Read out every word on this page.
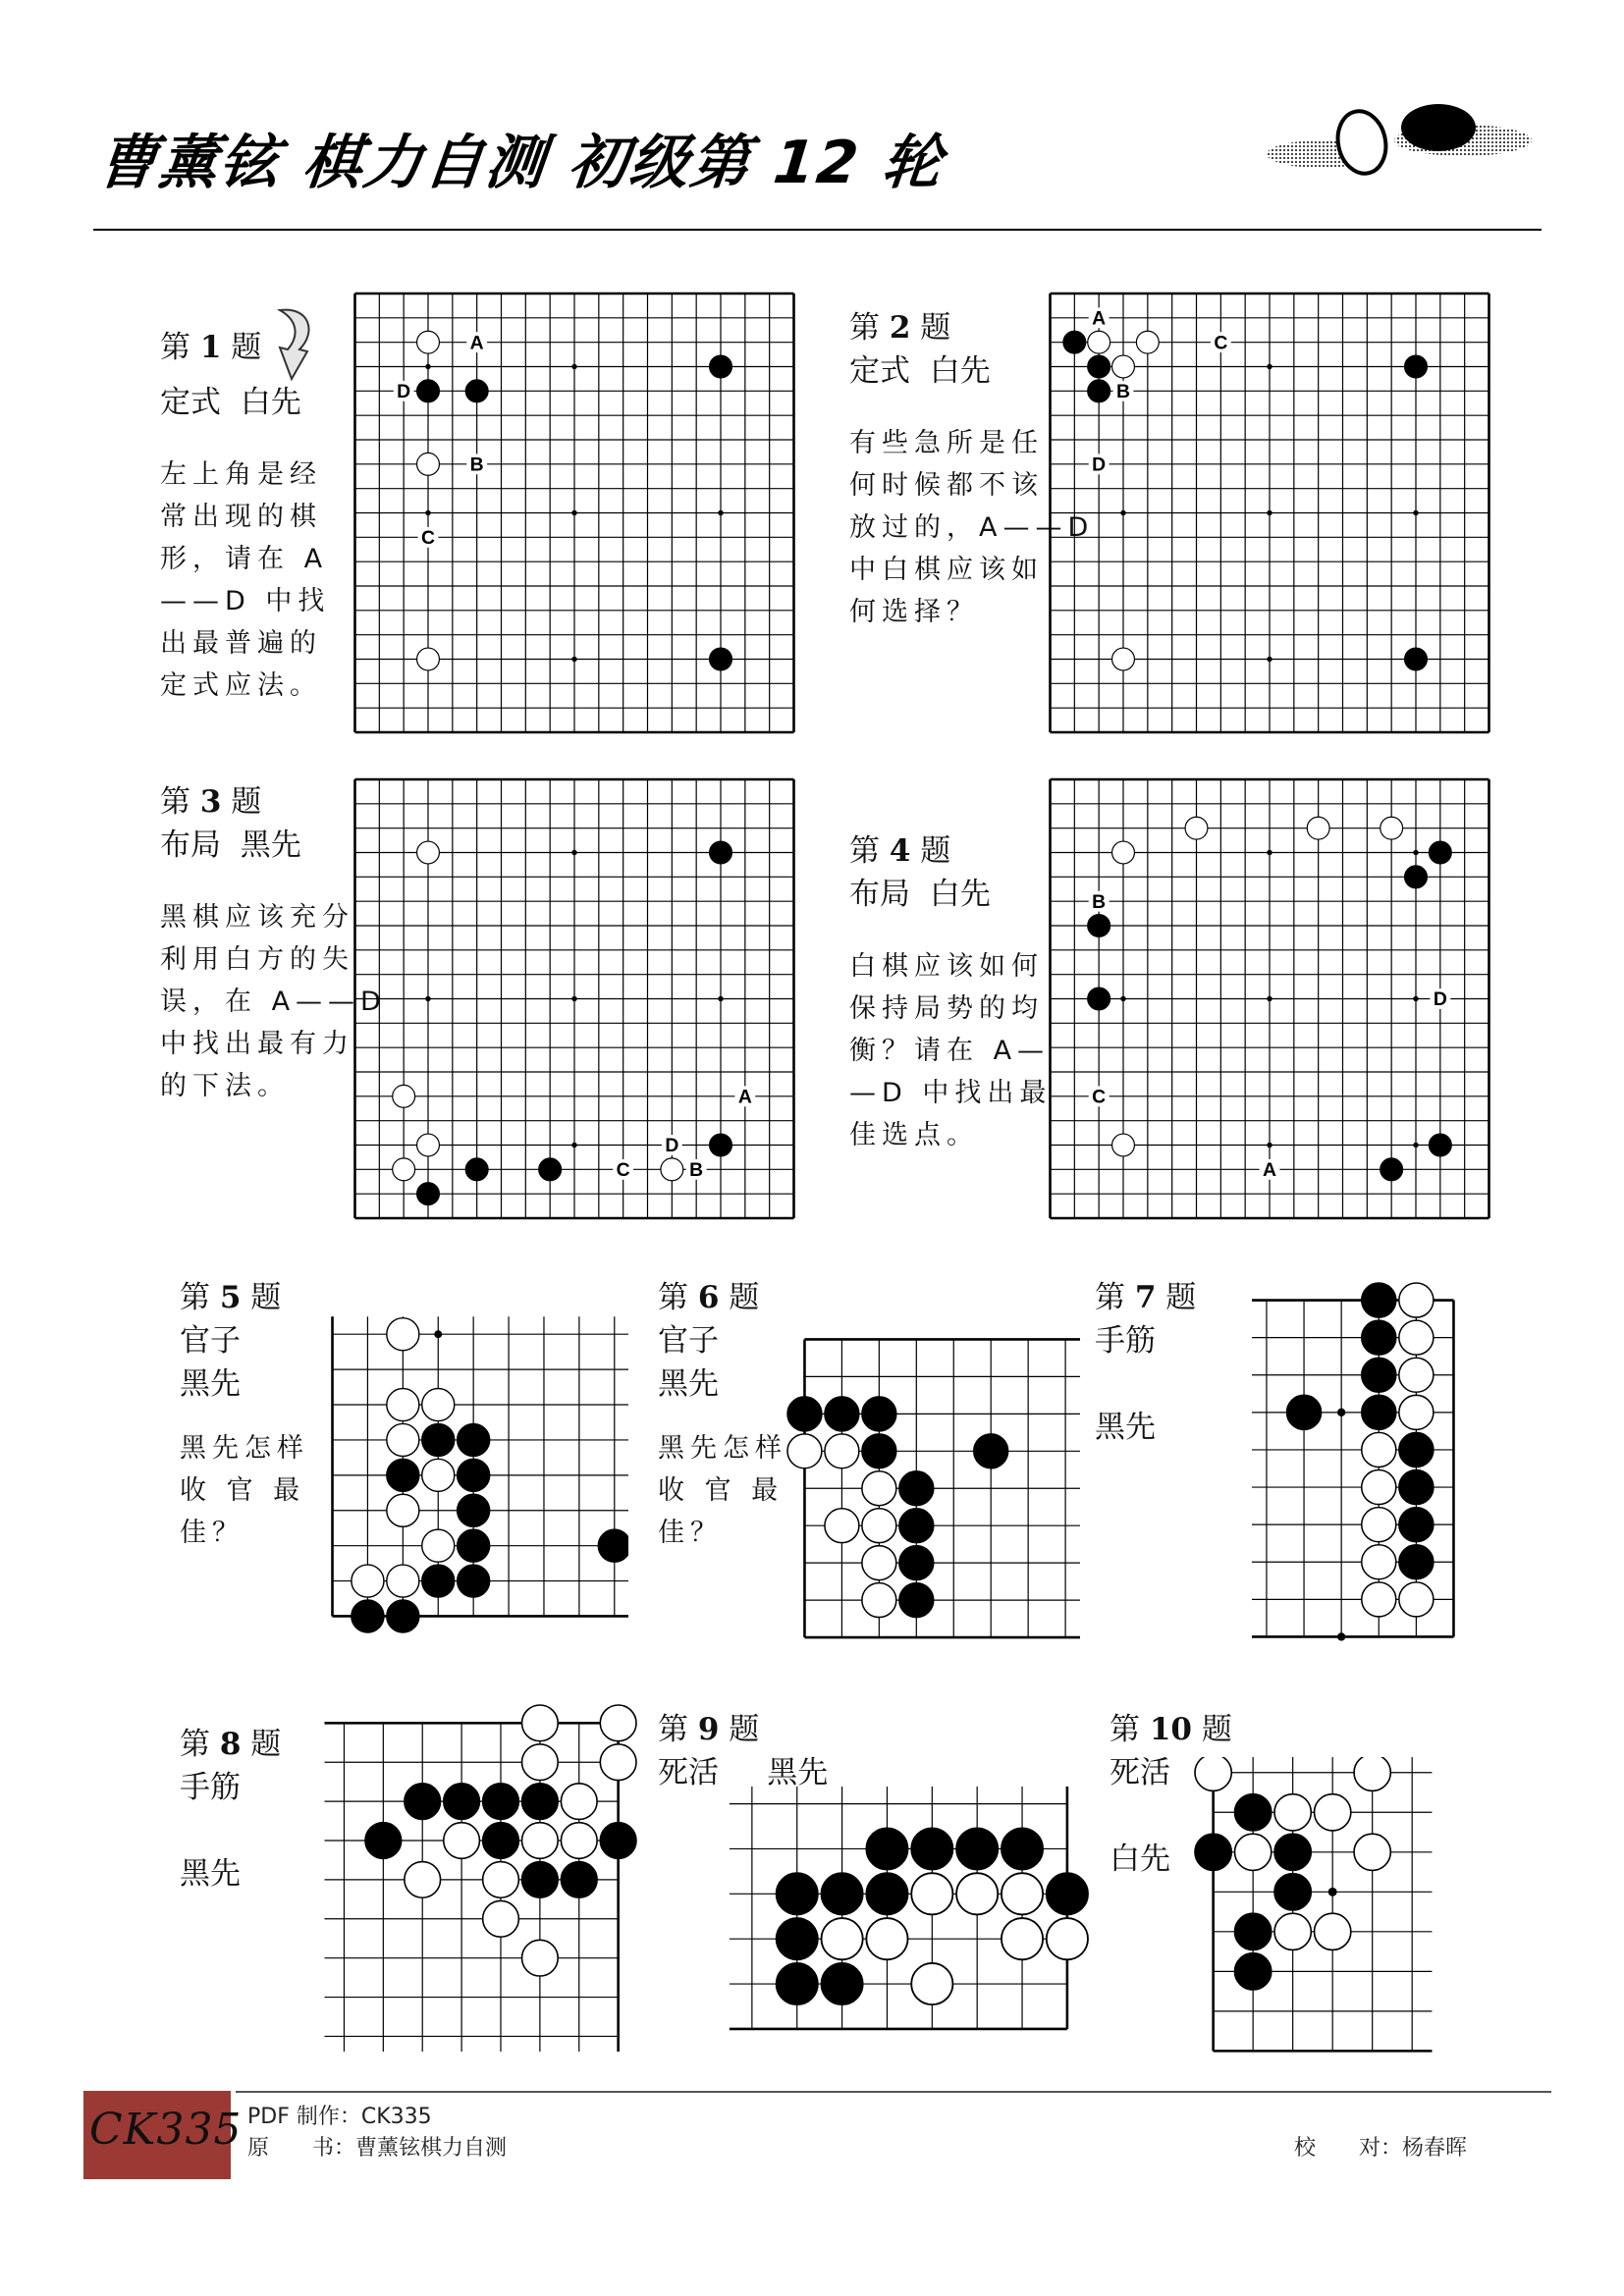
曹薰铉 棋力自测 初级第 12 轮
第 1 题
定式 白先
左上角是经
常出现的棋
形，请在 A
——D 中找
出最普遍的
定式应法。
A
D
B
C
第 2 题
定式 白先
有些急所是任
何时候都不该
放过的，A——D
中白棋应该如
何选择？
A
C
B
D
第 3 题
布局 黑先
黑棋应该充分
利用白方的失
误，在 A——D
中找出最有力
的下法。	A
D
C	B
第 4 题
布局 白先
白棋应该如何
保持局势的均
衡？请在 A—
—D 中找出最
佳选点。
B
D
C
A
第 5 题
官子
黑先
黑先怎样
收 官 最
佳？
第 6 题
官子
黑先
黑先怎样
收 官 最
佳？
第 7 题
手筋
黑先
第 8 题
手筋
黑先
第 9 题
死活 黑先
第 10 题
死活
白先
CK335 PDF 制作：CK335
原　　书：曹薰铉棋力自测	校　　对：杨春晖
